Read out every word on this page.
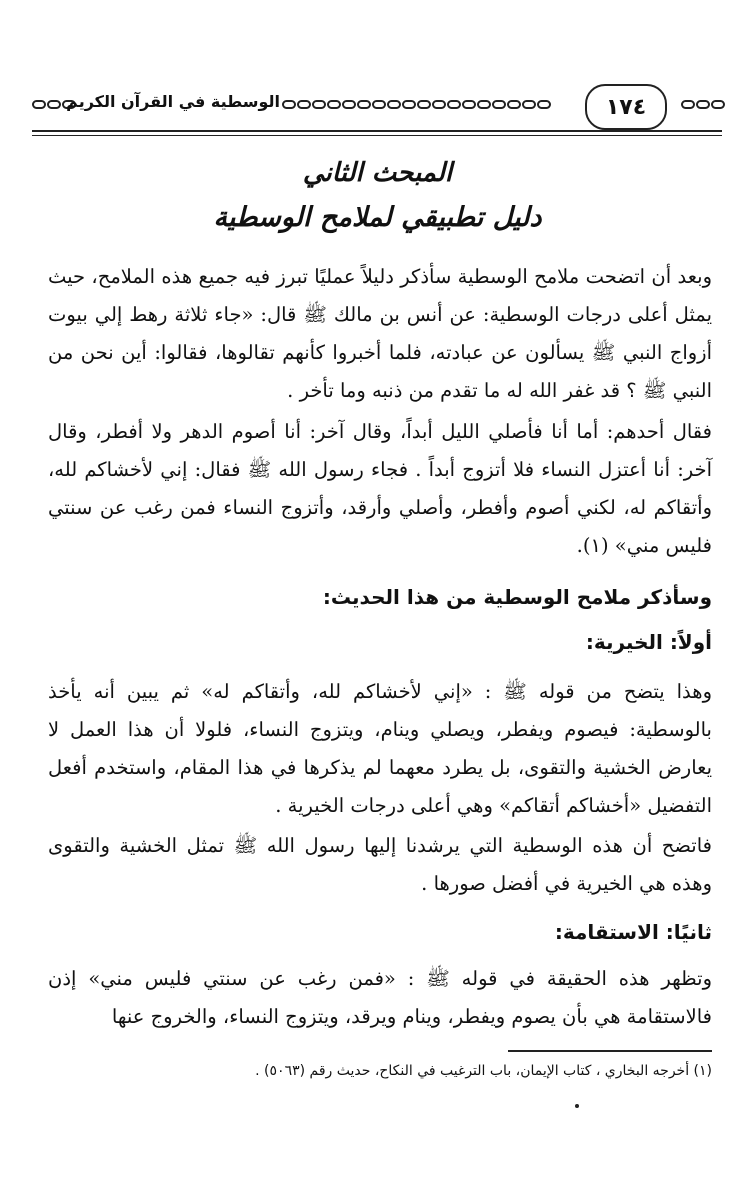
الوسطية في القرآن الكريم	١٧٤
المبحث الثاني
دليل تطبيقي لملامح الوسطية

وبعد أن اتضحت ملامح الوسطية سأذكر دليلاً عمليًا تبرز فيه جميع هذه الملامح، حيث يمثل أعلى درجات الوسطية: عن أنس بن مالك ﷺ قال: «جاء ثلاثة رهط إلي بيوت أزواج النبي ﷺ يسألون عن عبادته، فلما أخبروا كأنهم تقالوها، فقالوا: أين نحن من النبي ﷺ ؟ قد غفر الله له ما تقدم من ذنبه وما تأخر .

فقال أحدهم: أما أنا فأصلي الليل أبداً، وقال آخر: أنا أصوم الدهر ولا أفطر، وقال آخر: أنا أعتزل النساء فلا أتزوج أبداً . فجاء رسول الله ﷺ فقال: إني لأخشاكم لله، وأتقاكم له، لكني أصوم وأفطر، وأصلي وأرقد، وأتزوج النساء فمن رغب عن سنتي فليس مني» (١).

وسأذكر ملامح الوسطية من هذا الحديث:

أولاً: الخيرية:

وهذا يتضح من قوله ﷺ : «إني لأخشاكم لله، وأتقاكم له» ثم يبين أنه يأخذ بالوسطية: فيصوم ويفطر، ويصلي وينام، ويتزوج النساء، فلولا أن هذا العمل لا يعارض الخشية والتقوى، بل يطرد معهما لم يذكرها في هذا المقام، واستخدم أفعل التفضيل «أخشاكم أتقاكم» وهي أعلى درجات الخيرية .

فاتضح أن هذه الوسطية التي يرشدنا إليها رسول الله ﷺ تمثل الخشية والتقوى وهذه هي الخيرية في أفضل صورها .

ثانيًا: الاستقامة:

وتظهر هذه الحقيقة في قوله ﷺ : «فمن رغب عن سنتي فليس مني» إذن فالاستقامة هي بأن يصوم ويفطر، وينام ويرقد، ويتزوج النساء، والخروج عنها

(١) أخرجه البخاري ، كتاب الإيمان، باب الترغيب في النكاح، حديث رقم (٥٠٦٣) .
